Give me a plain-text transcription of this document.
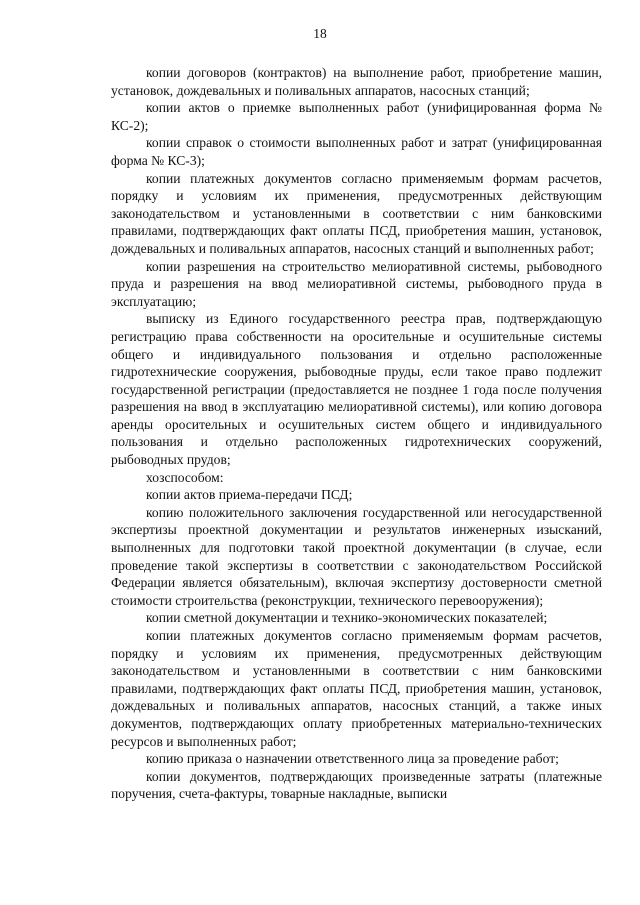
18

копии договоров (контрактов) на выполнение работ, приобретение машин, установок, дождевальных и поливальных аппаратов, насосных станций;

копии актов о приемке выполненных работ (унифицированная форма № КС-2);

копии справок о стоимости выполненных работ и затрат (унифицированная форма № КС-3);

копии платежных документов согласно применяемым формам расчетов, порядку и условиям их применения, предусмотренных действующим законодательством и установленными в соответствии с ним банковскими правилами, подтверждающих факт оплаты ПСД, приобретения машин, установок, дождевальных и поливальных аппаратов, насосных станций и выполненных работ;

копии разрешения на строительство мелиоративной системы, рыбоводного пруда и разрешения на ввод мелиоративной системы, рыбоводного пруда в эксплуатацию;

выписку из Единого государственного реестра прав, подтверждающую регистрацию права собственности на оросительные и осушительные системы общего и индивидуального пользования и отдельно расположенные гидротехнические сооружения, рыбоводные пруды, если такое право подлежит государственной регистрации (предоставляется не позднее 1 года после получения разрешения на ввод в эксплуатацию мелиоративной системы), или копию договора аренды оросительных и осушительных систем общего и индивидуального пользования и отдельно расположенных гидротехнических сооружений, рыбоводных прудов;

хозспособом:

копии актов приема-передачи ПСД;

копию положительного заключения государственной или негосударственной экспертизы проектной документации и результатов инженерных изысканий, выполненных для подготовки такой проектной документации (в случае, если проведение такой экспертизы в соответствии с законодательством Российской Федерации является обязательным), включая экспертизу достоверности сметной стоимости строительства (реконструкции, технического перевооружения);

копии сметной документации и технико-экономических показателей;

копии платежных документов согласно применяемым формам расчетов, порядку и условиям их применения, предусмотренных действующим законодательством и установленными в соответствии с ним банковскими правилами, подтверждающих факт оплаты ПСД, приобретения машин, установок, дождевальных и поливальных аппаратов, насосных станций, а также иных документов, подтверждающих оплату приобретенных материально-технических ресурсов и выполненных работ;

копию приказа о назначении ответственного лица за проведение работ;

копии документов, подтверждающих произведенные затраты (платежные поручения, счета-фактуры, товарные накладные, выписки
